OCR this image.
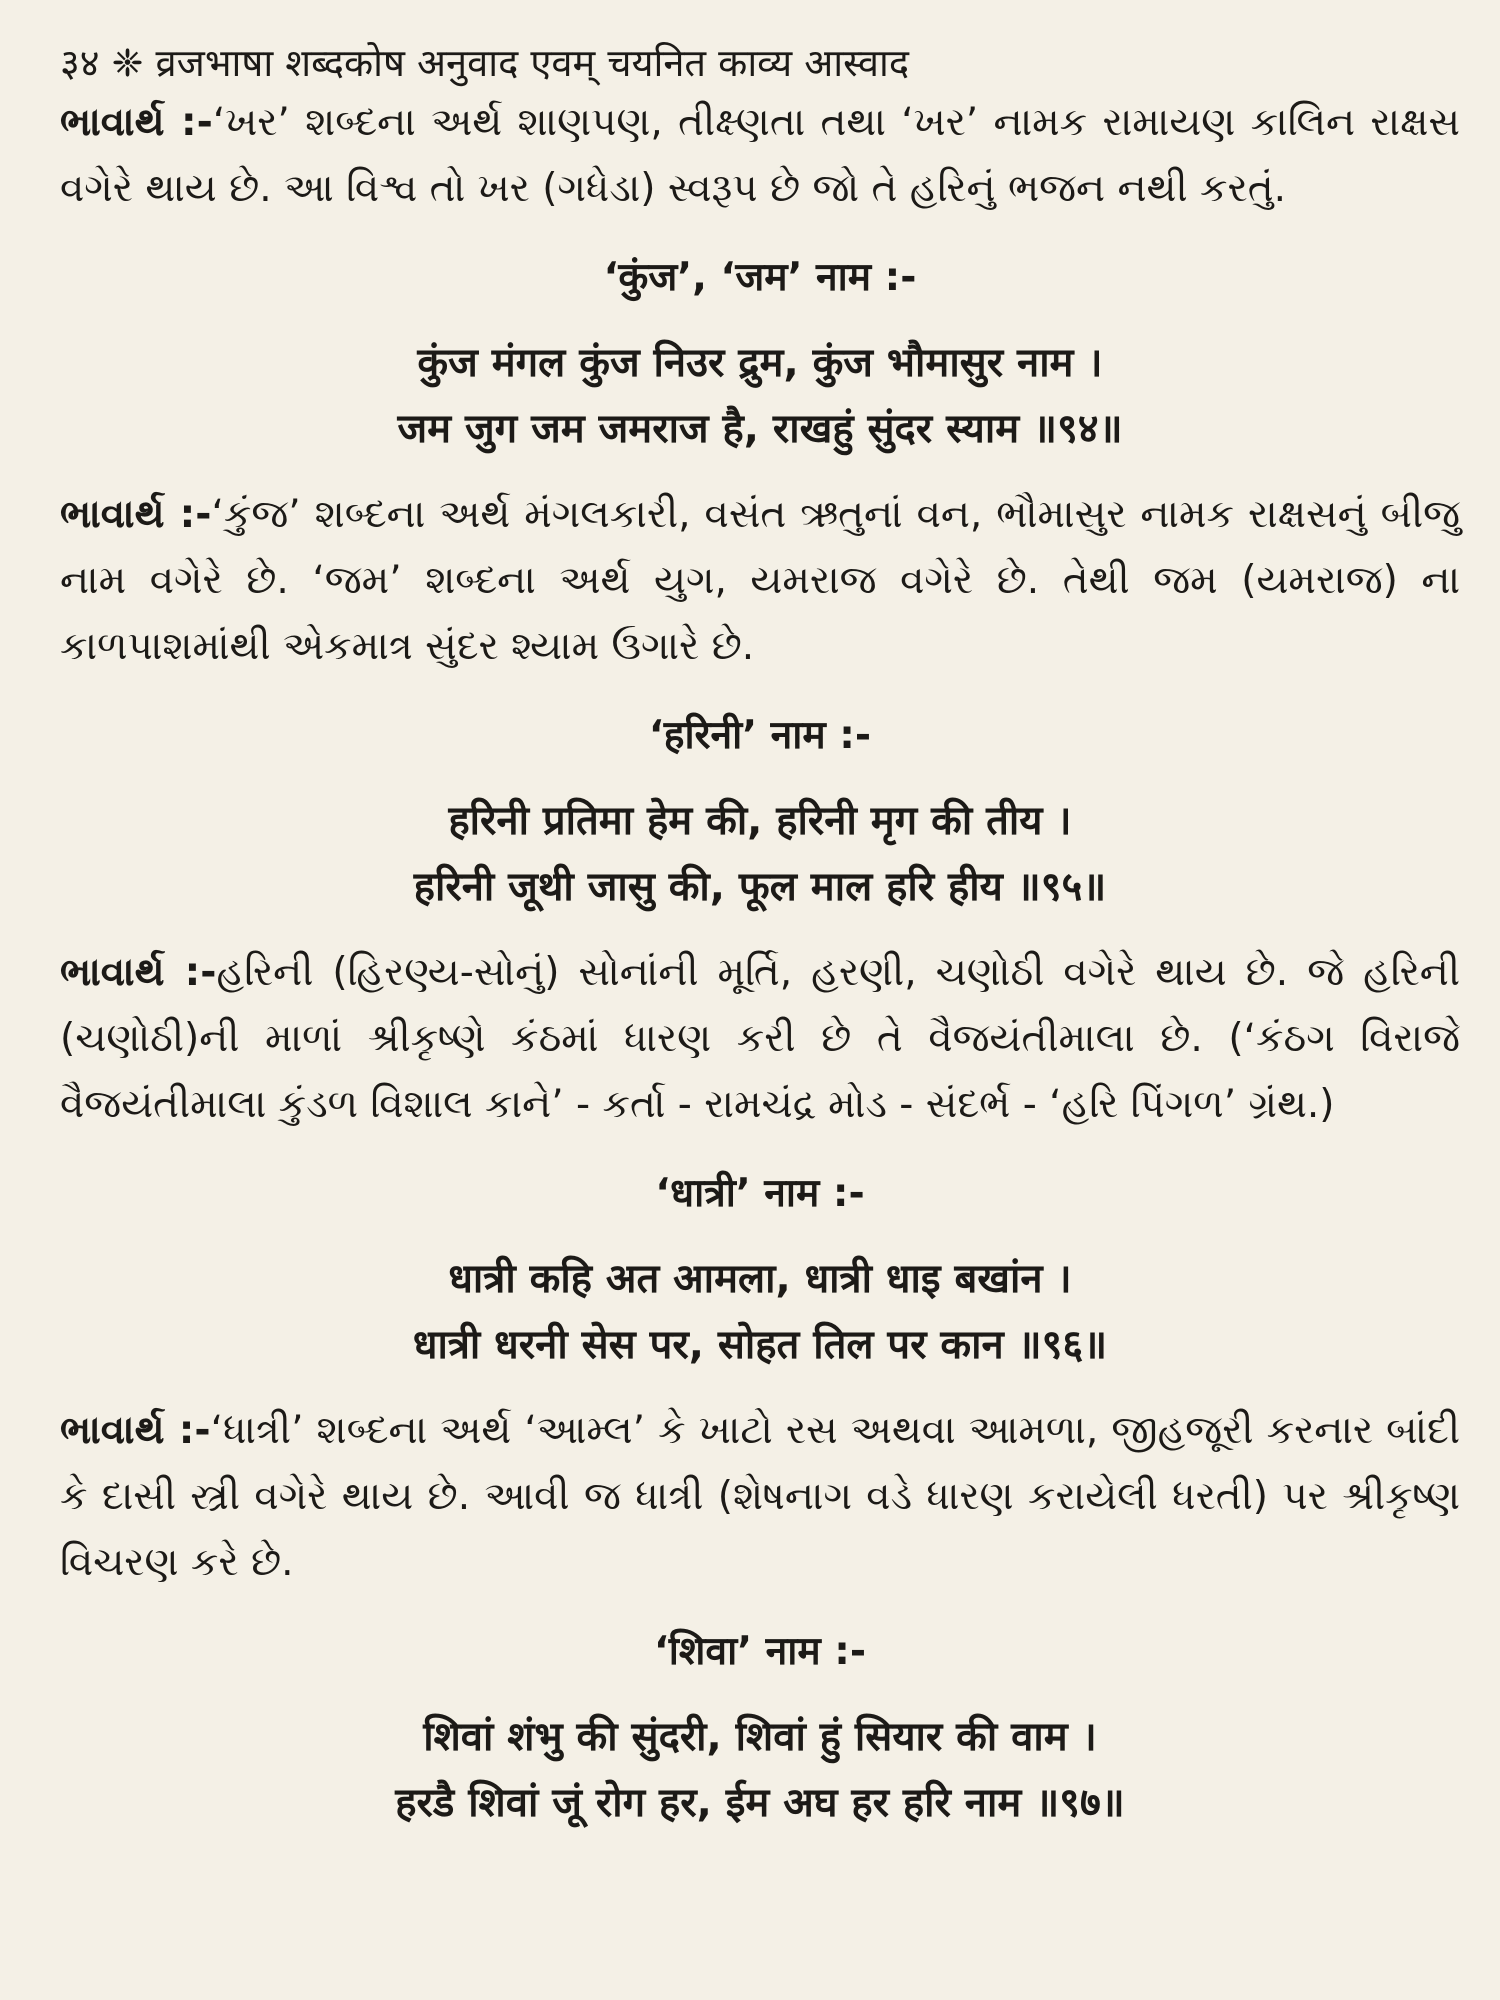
३४ ❈ व्रजभाषा शब्दकोष अनुवाद एवम् चयनित काव्य आस्वाद

ભાવાર્થ :-‘ખર’ શબ્દના અર્થ શાણપણ, તીક્ષ્ણતા તથા ‘ખર’ નામક રામાયણ કાલિન રાક્ષસ વગેરે થાય છે. આ વિશ્વ તો ખર (ગધેડા) સ્વરૂપ છે જો તે હરિનું ભજન નથી કરતું.

‘कुंज’, ‘जम’ नाम :-
कुंज मंगल कुंज निउर द्रुम, कुंज भौमासुर नाम ।
जम जुग जम जमराज है, राखहुं सुंदर स्याम ॥९४॥

ભાવાર્થ :-‘કુંજ’ શબ્દના અર્થ મંગલકારી, વસંત ઋતુનાં વન, ભૌમાસુર નામક રાક્ષસનું બીજુ નામ વગેરે છે. ‘જમ’ શબ્દના અર્થ યુગ, યમરાજ વગેરે છે. તેથી જમ (યમરાજ) ના કાળપાશમાંથી એકમાત્ર સુંદર શ્યામ ઉગારે છે.

‘हरिनी’ नाम :-
हरिनी प्रतिमा हेम की, हरिनी मृग की तीय ।
हरिनी जूथी जासु की, फूल माल हरि हीय ॥९५॥

ભાવાર્થ :-હરિની (હિરણ્ય-સોનું) સોનાંની મૂર્તિ, હરણી, ચણોઠી વગેરે થાય છે. જે હરિની (ચણોઠી)ની માળાં શ્રીકૃષ્ણે કંઠમાં ધારણ કરી છે તે વૈજયંતીમાલા છે. (‘કંઠગ વિરાજે વૈજયંતીમાલા કુંડળ વિશાલ કાને’ - કર્તા - રામચંદ્ર મોડ - સંદર્ભ - ‘હરિ પિંગળ’ ગ્રંથ.)

‘धात्री’ नाम :-
धात्री कहि अत आमला, धात्री धाइ बखांन ।
धात्री धरनी सेस पर, सोहत तिल पर कान ॥९६॥

ભાવાર્થ :-‘ધાત્રી’ શબ્દના અર્થ ‘આમ્લ’ કે ખાટો રસ અથવા આમળા, જીહજૂરી કરનાર બાંદી કે દાસી સ્ત્રી વગેરે થાય છે. આવી જ ધાત્રી (શેષનાગ વડે ધારણ કરાયેલી ધરતી) પર શ્રીકૃષ્ણ વિચરણ કરે છે.

‘शिवा’ नाम :-
शिवां शंभु की सुंदरी, शिवां हुं सियार की वाम ।
हरडै शिवां जूं रोग हर, ईम अघ हर हरि नाम ॥९७॥
